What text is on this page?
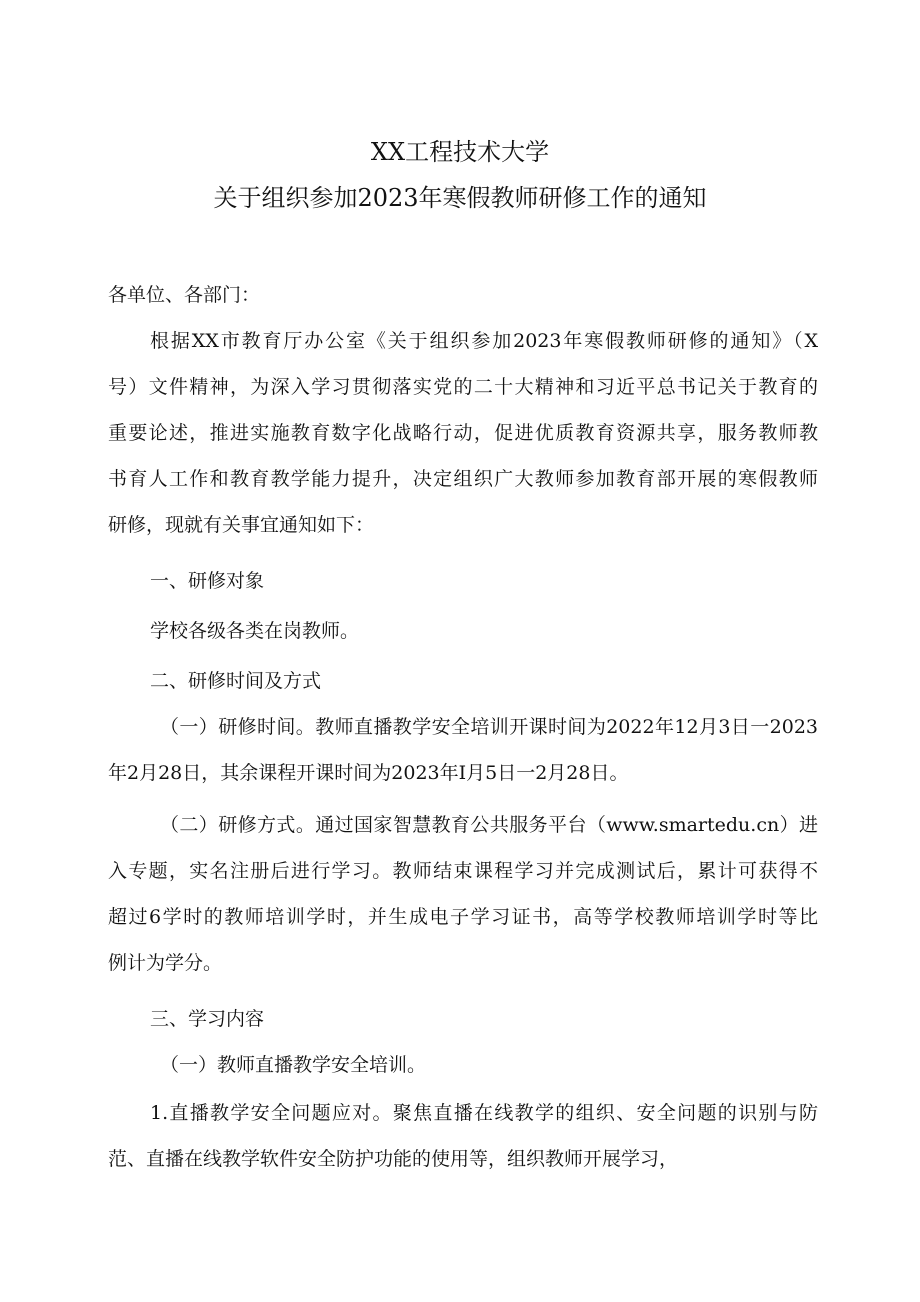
XX工程技术大学
关于组织参加2023年寒假教师研修工作的通知
各单位、各部门：
根据XX市教育厅办公室《关于组织参加2023年寒假教师研修的通知》（X
号）文件精神，为深入学习贯彻落实党的二十大精神和习近平总书记关于教育的
重要论述，推进实施教育数字化战略行动，促进优质教育资源共享，服务教师教
书育人工作和教育教学能力提升，决定组织广大教师参加教育部开展的寒假教师
研修，现就有关事宜通知如下：
一、研修对象
学校各级各类在岗教师。
二、研修时间及方式
（一）研修时间。教师直播教学安全培训开课时间为2022年12月3日一2023
年2月28日，其余课程开课时间为2023年I月5日一2月28日。
（二）研修方式。通过国家智慧教育公共服务平台（www.smartedu.cn）进
入专题，实名注册后进行学习。教师结束课程学习并完成测试后，累计可获得不
超过6学时的教师培训学时，并生成电子学习证书，高等学校教师培训学时等比
例计为学分。
三、学习内容
（一）教师直播教学安全培训。
1.直播教学安全问题应对。聚焦直播在线教学的组织、安全问题的识别与防
范、直播在线教学软件安全防护功能的使用等，组织教师开展学习，
